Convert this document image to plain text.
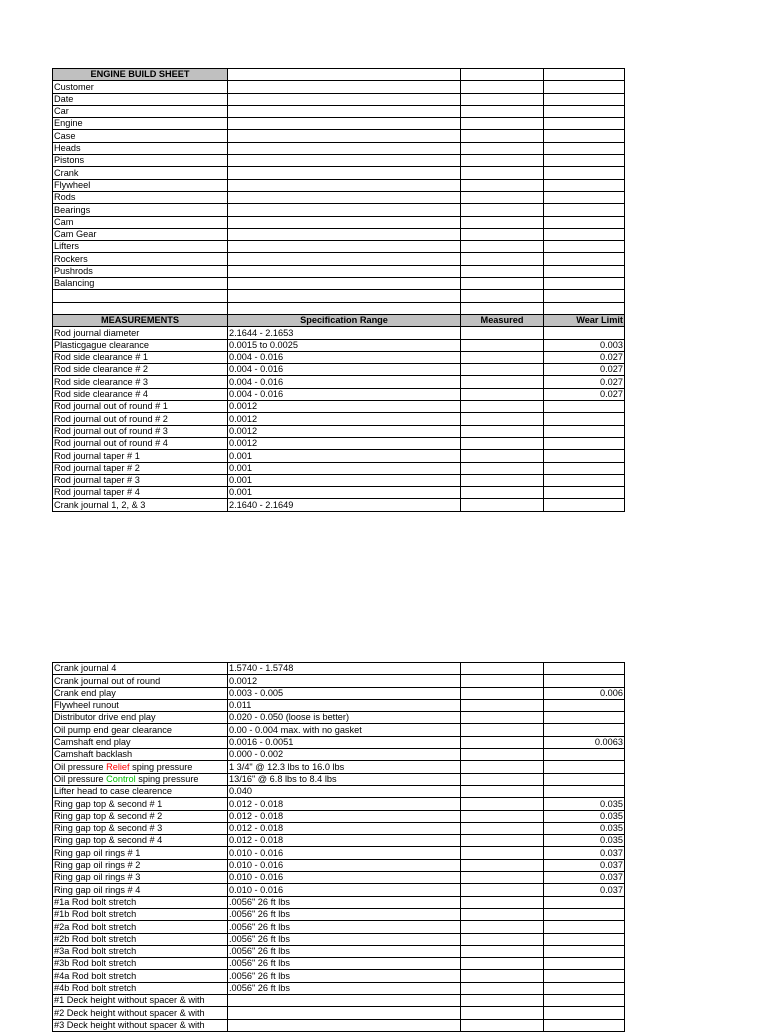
ENGINE BUILD SHEET			
Customer			
Date			
Car			
Engine			
Case			
Heads			
Pistons			
Crank			
Flywheel			
Rods			
Bearings			
Cam			
Cam Gear			
Lifters			
Rockers			
Pushrods			
Balancing			

MEASUREMENTS	Specification Range	Measured	Wear Limit
Rod journal diameter	2.1644 - 2.1653		
Plasticgague clearance	0.0015 to 0.0025		0.003
Rod side clearance # 1	0.004 - 0.016		0.027
Rod side clearance # 2	0.004 - 0.016		0.027
Rod side clearance # 3	0.004 - 0.016		0.027
Rod side clearance # 4	0.004 - 0.016		0.027
Rod journal out of round # 1	0.0012		
Rod journal out of round # 2	0.0012		
Rod journal out of round # 3	0.0012		
Rod journal out of round # 4	0.0012		
Rod journal taper # 1	0.001		
Rod journal taper # 2	0.001		
Rod journal taper # 3	0.001		
Rod journal taper # 4	0.001		
Crank journal 1, 2, & 3	2.1640 - 2.1649		
Crank journal 4	1.5740 - 1.5748		
Crank journal out of round	0.0012		
Crank end play	0.003 - 0.005		0.006
Flywheel runout	0.011		
Distributor drive end play	0.020 - 0.050 (loose is better)		
Oil pump end gear clearance	0.00 - 0.004 max. with no gasket		
Camshaft end play	0.0016 - 0.0051		0.0063
Camshaft backlash	0.000 - 0.002		
Oil pressure Relief sping pressure	1 3/4" @ 12.3 lbs to 16.0 lbs		
Oil pressure Control sping pressure	13/16" @ 6.8 lbs to 8.4 lbs		
Lifter head to case clearence	0.040		
Ring gap top & second # 1	0.012 - 0.018		0.035
Ring gap top & second # 2	0.012 - 0.018		0.035
Ring gap top & second # 3	0.012 - 0.018		0.035
Ring gap top & second # 4	0.012 - 0.018		0.035
Ring gap oil rings # 1	0.010 - 0.016		0.037
Ring gap oil rings # 2	0.010 - 0.016		0.037
Ring gap oil rings # 3	0.010 - 0.016		0.037
Ring gap oil rings # 4	0.010 - 0.016		0.037
#1a Rod bolt stretch	.0056" 26 ft lbs		
#1b Rod bolt stretch	.0056" 26 ft lbs		
#2a Rod bolt stretch	.0056" 26 ft lbs		
#2b Rod bolt stretch	.0056" 26 ft lbs		
#3a Rod bolt stretch	.0056" 26 ft lbs		
#3b Rod bolt stretch	.0056" 26 ft lbs		
#4a Rod bolt stretch	.0056" 26 ft lbs		
#4b Rod bolt stretch	.0056" 26 ft lbs		
#1 Deck height without spacer & with			
#2 Deck height without spacer & with			
#3 Deck height without spacer & with			
